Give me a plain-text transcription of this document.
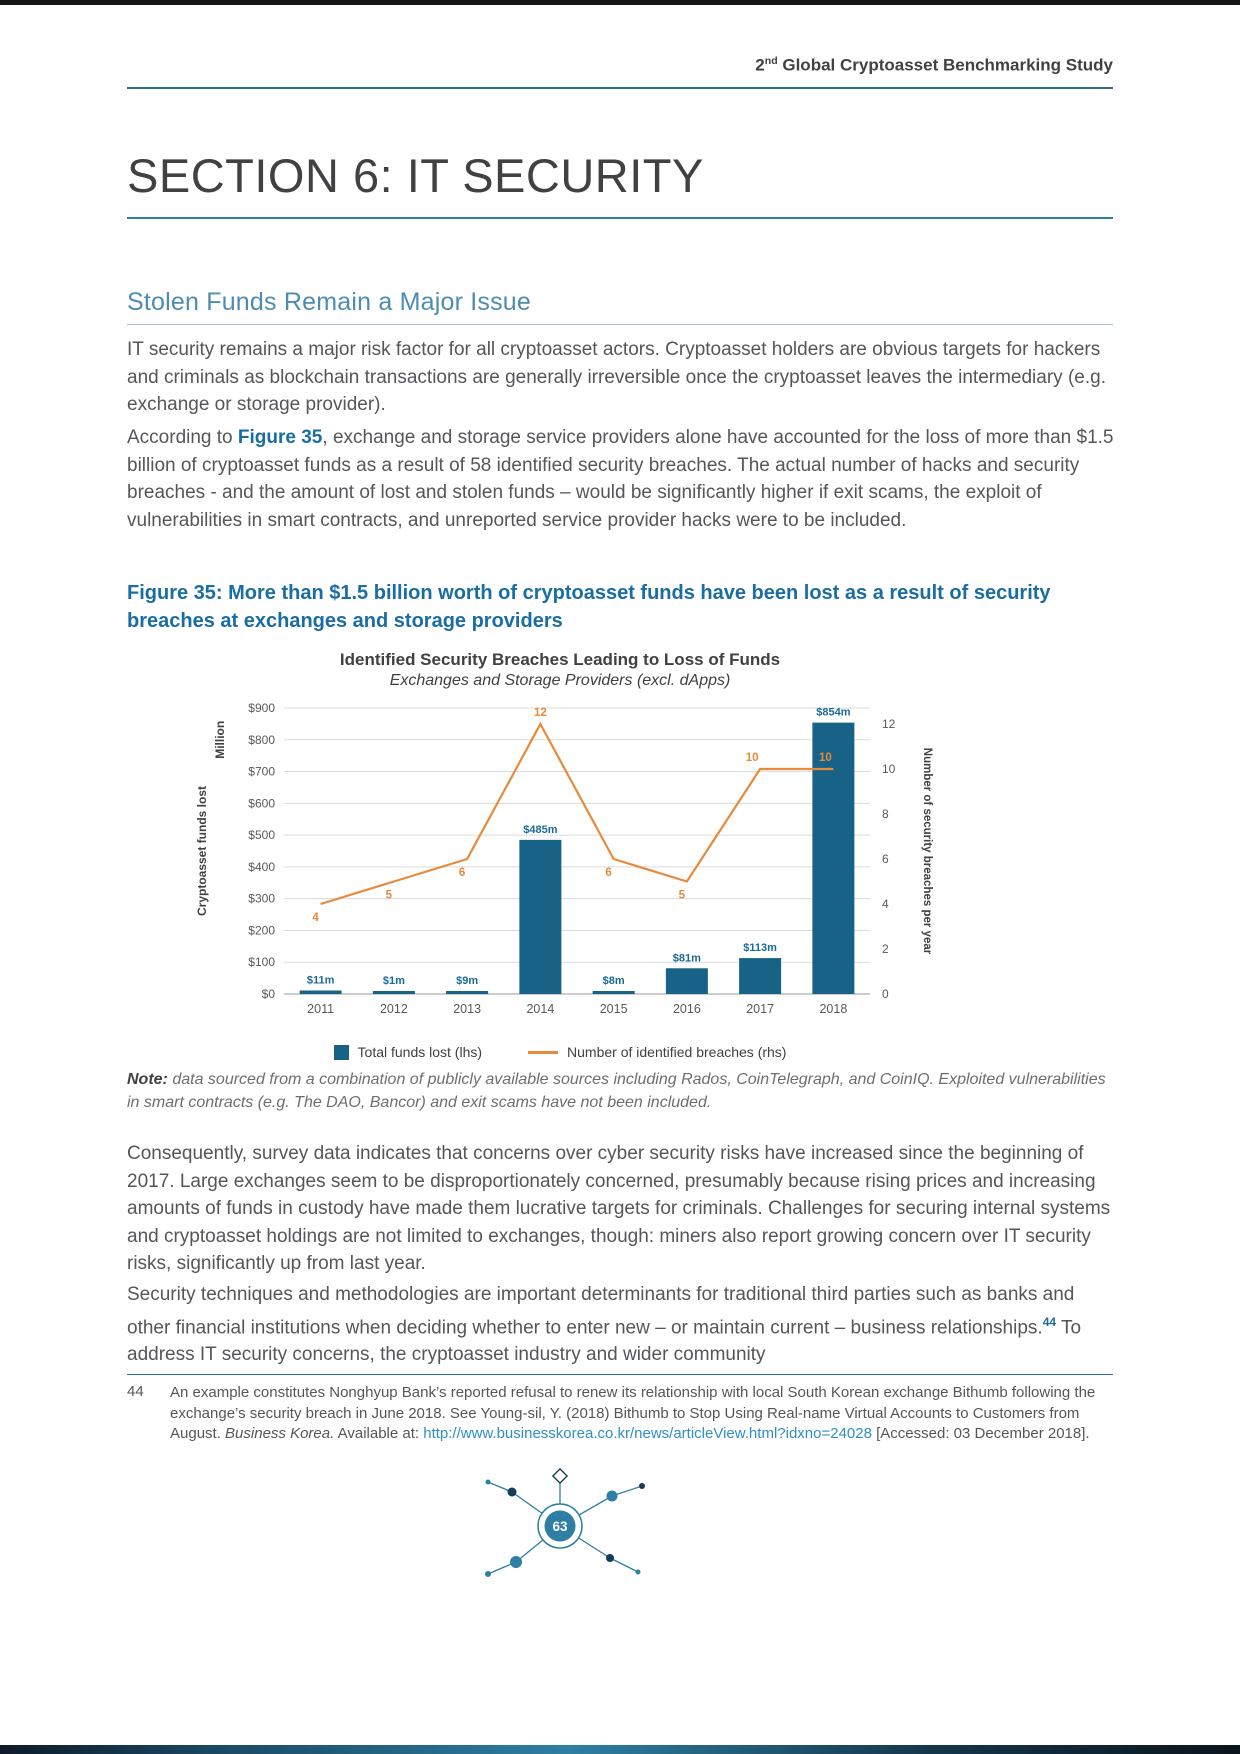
2nd Global Cryptoasset Benchmarking Study
SECTION 6: IT SECURITY
Stolen Funds Remain a Major Issue

IT security remains a major risk factor for all cryptoasset actors. Cryptoasset holders are obvious targets for hackers and criminals as blockchain transactions are generally irreversible once the cryptoasset leaves the intermediary (e.g. exchange or storage provider).

According to Figure 35, exchange and storage service providers alone have accounted for the loss of more than $1.5 billion of cryptoasset funds as a result of 58 identified security breaches. The actual number of hacks and security breaches - and the amount of lost and stolen funds – would be significantly higher if exit scams, the exploit of vulnerabilities in smart contracts, and unreported service provider hacks were to be included.

Figure 35: More than $1.5 billion worth of cryptoasset funds have been lost as a result of security breaches at exchanges and storage providers
Identified Security Breaches Leading to Loss of Funds
Exchanges and Storage Providers (excl. dApps)
$0
$100
$200
$300
$400
$500
$600
$700
$800
$900
0
2
4
6
8
10
12
$11m
2011
$1m
2012
$9m
2013
$485m
2014
$8m
2015
$81m
2016
$113m
2017
$854m
2018
4
5
6
12
6
5
10	10
Cryptoasset funds lost
Million
Number of security breaches per year
Total funds lost (lhs)	Number of identified breaches (rhs)
Note: data sourced from a combination of publicly available sources including Rados, CoinTelegraph, and CoinIQ. Exploited vulnerabilities in smart contracts (e.g. The DAO, Bancor) and exit scams have not been included.

Consequently, survey data indicates that concerns over cyber security risks have increased since the beginning of 2017. Large exchanges seem to be disproportionately concerned, presumably because rising prices and increasing amounts of funds in custody have made them lucrative targets for criminals. Challenges for securing internal systems and cryptoasset holdings are not limited to exchanges, though: miners also report growing concern over IT security risks, significantly up from last year.

Security techniques and methodologies are important determinants for traditional third parties such as banks and other financial institutions when deciding whether to enter new – or maintain current – business relationships.$^{44}$ To address IT security concerns, the cryptoasset industry and wider community

44 An example constitutes Nonghyup Bank’s reported refusal to renew its relationship with local South Korean exchange Bithumb following the exchange’s security breach in June 2018. See Young-sil, Y. (2018) Bithumb to Stop Using Real-name Virtual Accounts to Customers from August. Business Korea. Available at: http://www.businesskorea.co.kr/news/articleView.html?idxno=24028 [Accessed: 03 December 2018].
63
